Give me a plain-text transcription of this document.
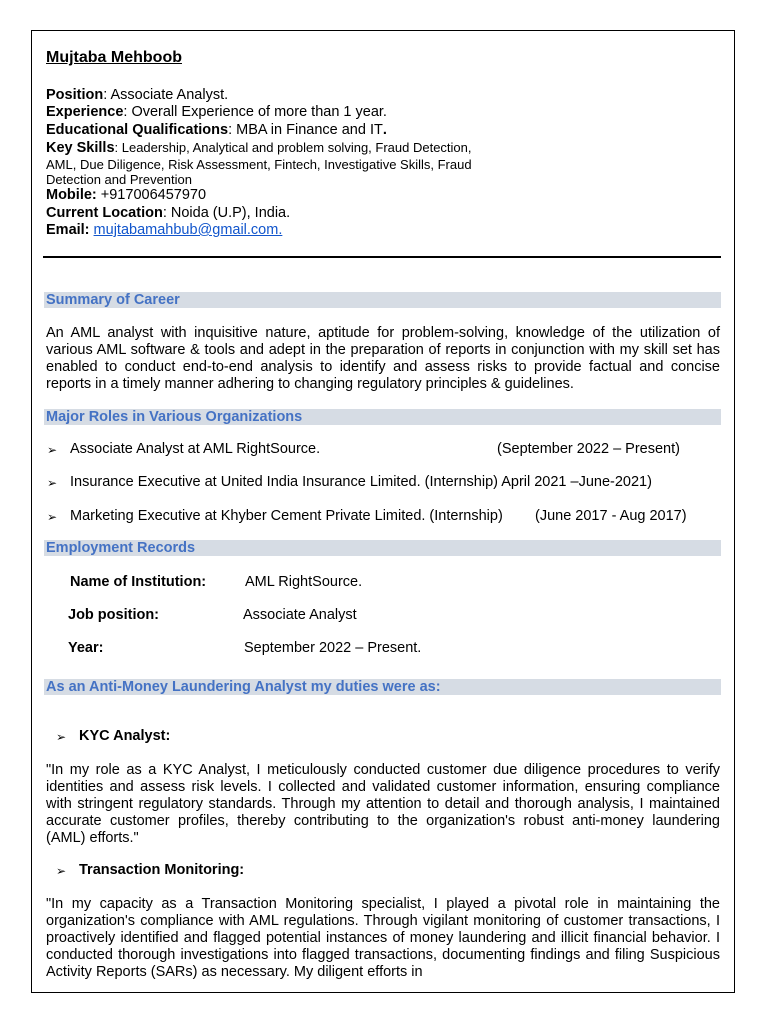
Mujtaba Mehboob
Position: Associate Analyst.
Experience: Overall Experience of more than 1 year.
Educational Qualifications: MBA in Finance and IT.
Key Skills: Leadership, Analytical and problem solving, Fraud Detection,
AML, Due Diligence, Risk Assessment, Fintech, Investigative Skills, Fraud
Detection and Prevention
Mobile: +917006457970
Current Location: Noida (U.P), India.
Email: mujtabamahbub@gmail.com.
Summary of Career
An AML analyst with inquisitive nature, aptitude for problem-solving, knowledge of the utilization of various AML software & tools and adept in the preparation of reports in conjunction with my skill set has enabled to conduct end-to-end analysis to identify and assess risks to provide factual and concise reports in a timely manner adhering to changing regulatory principles & guidelines.
Major Roles in Various Organizations
➢ Associate Analyst at AML RightSource.	(September 2022 – Present)
➢ Insurance Executive at United India Insurance Limited. (Internship) April 2021 –June-2021)
➢ Marketing Executive at Khyber Cement Private Limited. (Internship) (June 2017 - Aug 2017)
Employment Records
Name of Institution:	AML RightSource.
Job position:	Associate Analyst
Year:	September 2022 – Present.
As an Anti-Money Laundering Analyst my duties were as:
➢ KYC Analyst:
"In my role as a KYC Analyst, I meticulously conducted customer due diligence procedures to verify identities and assess risk levels. I collected and validated customer information, ensuring compliance with stringent regulatory standards. Through my attention to detail and thorough analysis, I maintained accurate customer profiles, thereby contributing to the organization's robust anti-money laundering (AML) efforts."
➢ Transaction Monitoring:
"In my capacity as a Transaction Monitoring specialist, I played a pivotal role in maintaining the organization's compliance with AML regulations. Through vigilant monitoring of customer transactions, I proactively identified and flagged potential instances of money laundering and illicit financial behavior. I conducted thorough investigations into flagged transactions, documenting findings and filing Suspicious Activity Reports (SARs) as necessary. My diligent efforts in
